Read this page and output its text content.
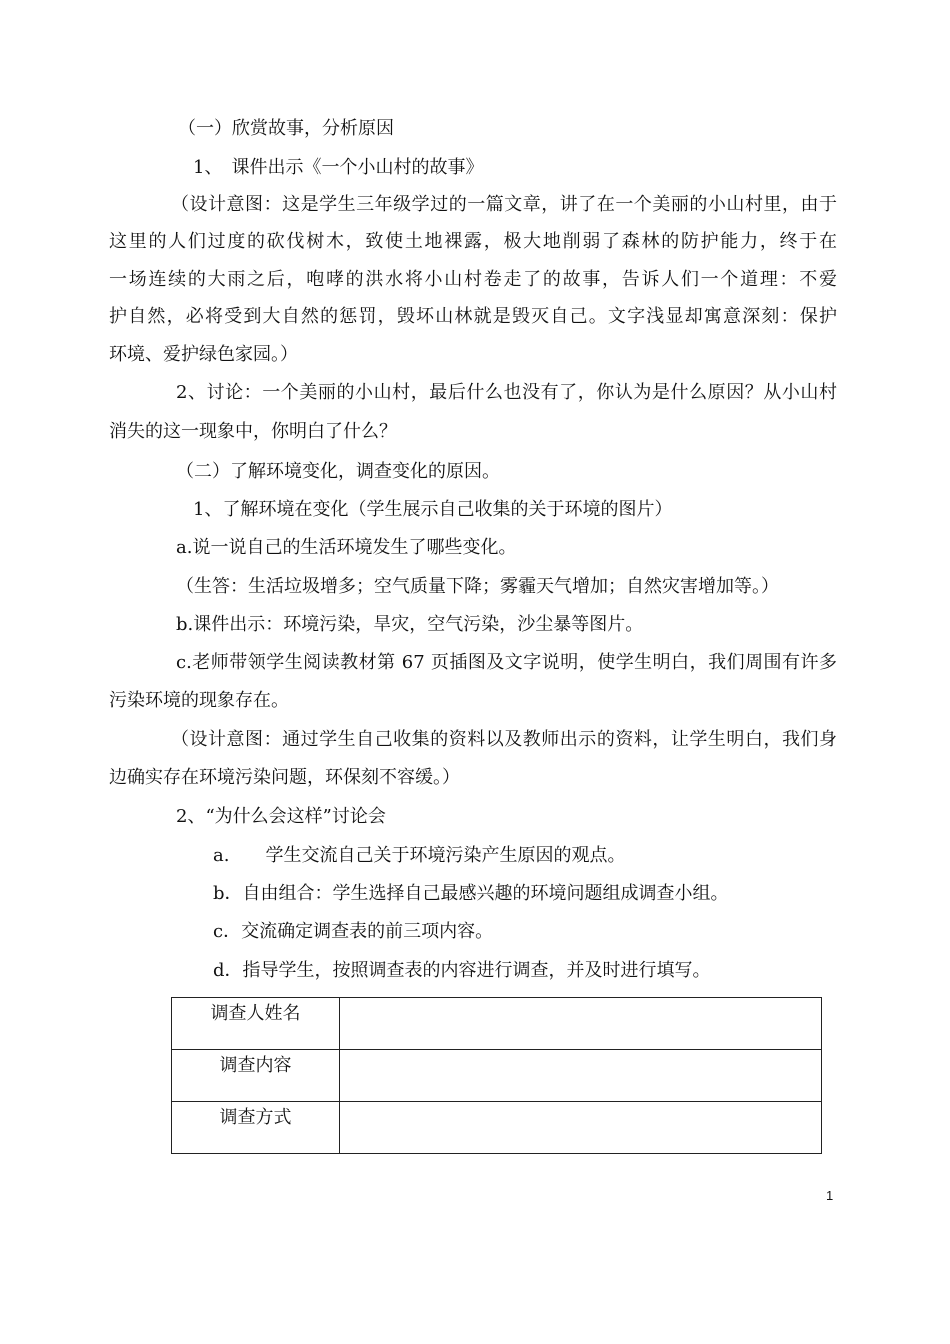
（一）欣赏故事，分析原因
1、　课件出示《一个小山村的故事》
（设计意图：这是学生三年级学过的一篇文章，讲了在一个美丽的小山村里，由于
这里的人们过度的砍伐树木，致使土地裸露，极大地削弱了森林的防护能力，终于在
一场连续的大雨之后，咆哮的洪水将小山村卷走了的故事，告诉人们一个道理：不爱
护自然，必将受到大自然的惩罚，毁坏山林就是毁灭自己。文字浅显却寓意深刻：保护
环境、爱护绿色家园。）
2、讨论：一个美丽的小山村，最后什么也没有了，你认为是什么原因？从小山村
消失的这一现象中，你明白了什么？
（二）了解环境变化，调查变化的原因。
1、了解环境在变化（学生展示自己收集的关于环境的图片）
a.说一说自己的生活环境发生了哪些变化。
（生答：生活垃圾增多；空气质量下降；雾霾天气增加；自然灾害增加等。）
b.课件出示：环境污染，旱灾，空气污染，沙尘暴等图片。
c.老师带领学生阅读教材第 67 页插图及文字说明，使学生明白，我们周围有许多
污染环境的现象存在。
（设计意图：通过学生自己收集的资料以及教师出示的资料，让学生明白，我们身
边确实存在环境污染问题，环保刻不容缓。）
2、“为什么会这样”讨论会
a.　　学生交流自己关于环境污染产生原因的观点。
b．自由组合：学生选择自己最感兴趣的环境问题组成调查小组。
c．交流确定调查表的前三项内容。
d．指导学生，按照调查表的内容进行调查，并及时进行填写。
调查人姓名	
调查内容	
调查方式	
1
